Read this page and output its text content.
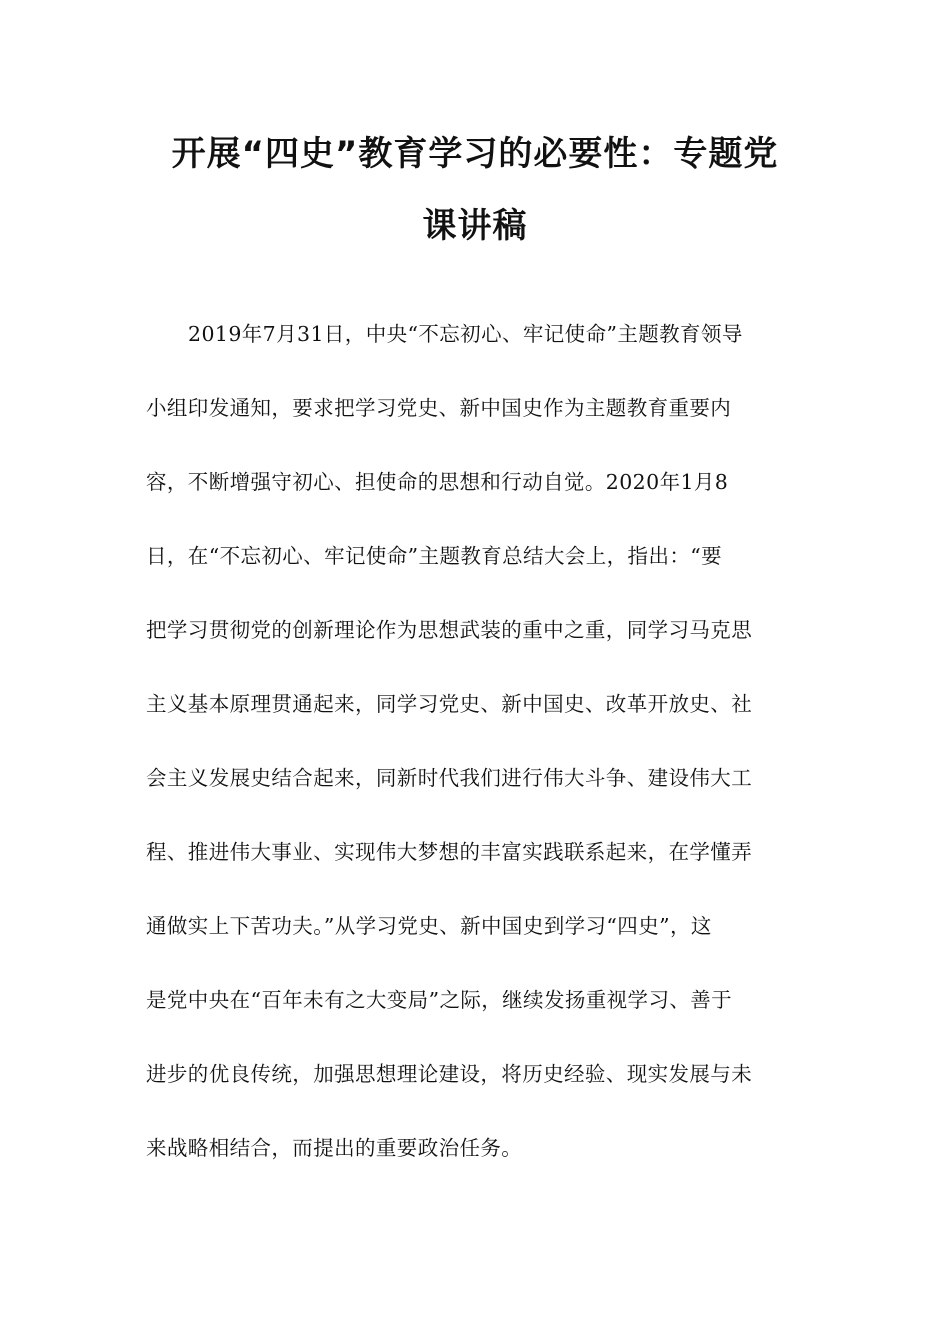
开展“四史”教育学习的必要性：专题党
课讲稿
2019年7月31日，中央“不忘初心、牢记使命”主题教育领导
小组印发通知，要求把学习党史、新中国史作为主题教育重要内
容，不断增强守初心、担使命的思想和行动自觉。2020年1月8
日，在“不忘初心、牢记使命”主题教育总结大会上，指出：“要
把学习贯彻党的创新理论作为思想武装的重中之重，同学习马克思
主义基本原理贯通起来，同学习党史、新中国史、改革开放史、社
会主义发展史结合起来，同新时代我们进行伟大斗争、建设伟大工
程、推进伟大事业、实现伟大梦想的丰富实践联系起来，在学懂弄
通做实上下苦功夫。”从学习党史、新中国史到学习“四史”，这
是党中央在“百年未有之大变局”之际，继续发扬重视学习、善于
进步的优良传统，加强思想理论建设，将历史经验、现实发展与未
来战略相结合，而提出的重要政治任务。
